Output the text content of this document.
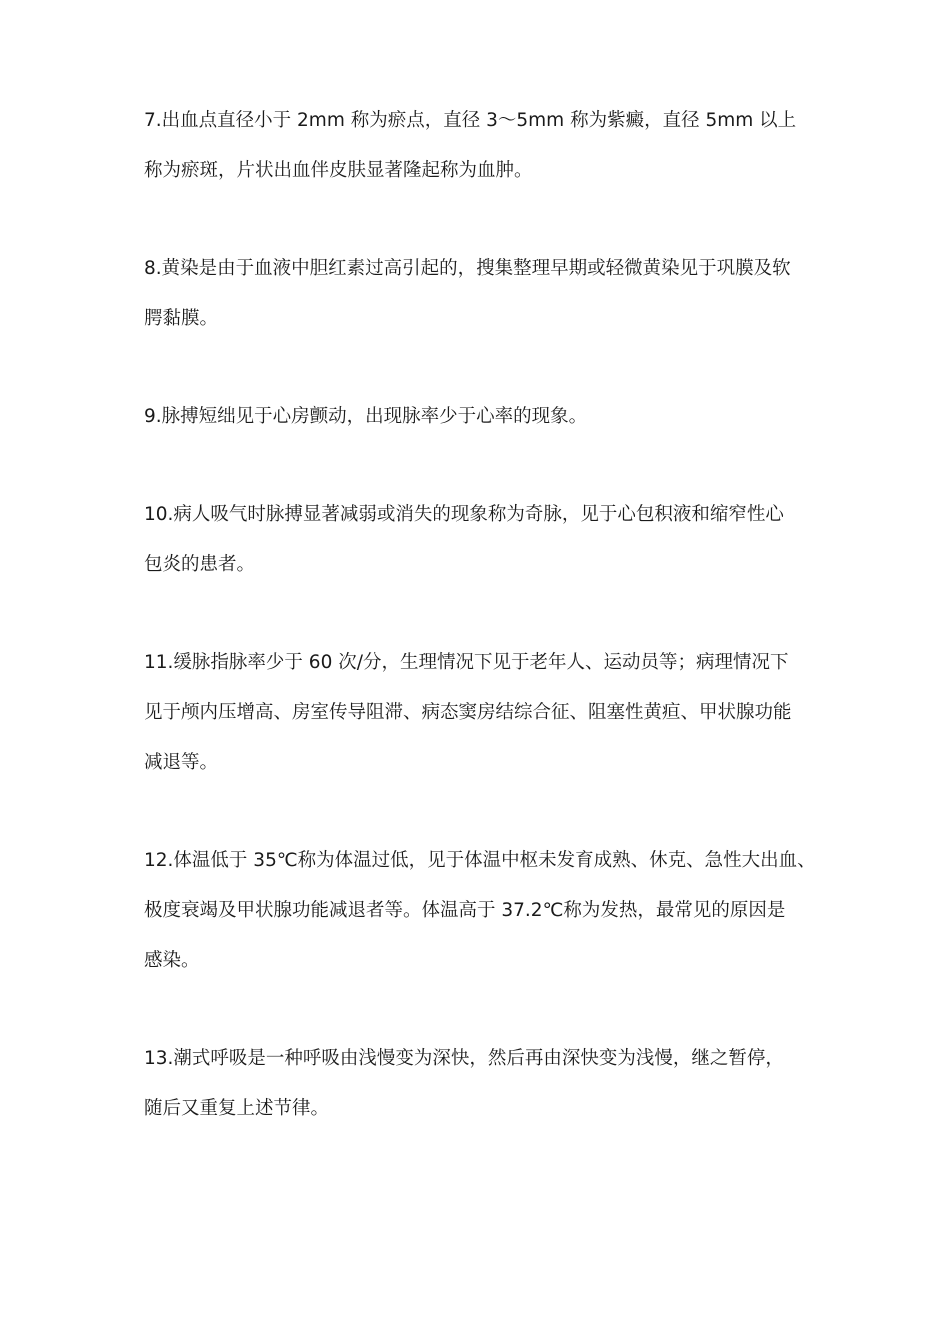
7.出血点直径小于 2mm 称为瘀点，直径 3～5mm 称为紫癜，直径 5mm 以上
称为瘀斑，片状出血伴皮肤显著隆起称为血肿。
8.黄染是由于血液中胆红素过高引起的，搜集整理早期或轻微黄染见于巩膜及软
腭黏膜。
9.脉搏短绌见于心房颤动，出现脉率少于心率的现象。
10.病人吸气时脉搏显著减弱或消失的现象称为奇脉，见于心包积液和缩窄性心
包炎的患者。
11.缓脉指脉率少于 60 次/分，生理情况下见于老年人、运动员等；病理情况下
见于颅内压增高、房室传导阻滞、病态窦房结综合征、阻塞性黄疸、甲状腺功能
减退等。
12.体温低于 35℃称为体温过低，见于体温中枢未发育成熟、休克、急性大出血、
极度衰竭及甲状腺功能减退者等。体温高于 37.2℃称为发热，最常见的原因是
感染。
13.潮式呼吸是一种呼吸由浅慢变为深快，然后再由深快变为浅慢，继之暂停，
随后又重复上述节律。
